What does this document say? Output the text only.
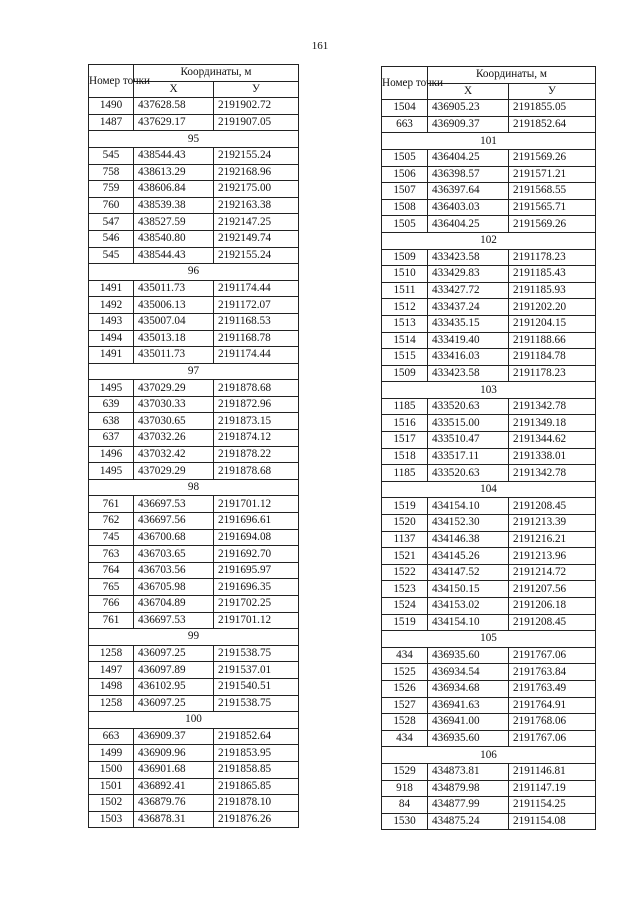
161
Номер точки	Координаты, м	
	X	У
1490	437628.58	2191902.72
1487	437629.17	2191907.05
95		
545	438544.43	2192155.24
758	438613.29	2192168.96
759	438606.84	2192175.00
760	438539.38	2192163.38
547	438527.59	2192147.25
546	438540.80	2192149.74
545	438544.43	2192155.24
96		
1491	435011.73	2191174.44
1492	435006.13	2191172.07
1493	435007.04	2191168.53
1494	435013.18	2191168.78
1491	435011.73	2191174.44
97		
1495	437029.29	2191878.68
639	437030.33	2191872.96
638	437030.65	2191873.15
637	437032.26	2191874.12
1496	437032.42	2191878.22
1495	437029.29	2191878.68
98		
761	436697.53	2191701.12
762	436697.56	2191696.61
745	436700.68	2191694.08
763	436703.65	2191692.70
764	436703.56	2191695.97
765	436705.98	2191696.35
766	436704.89	2191702.25
761	436697.53	2191701.12
99		
1258	436097.25	2191538.75
1497	436097.89	2191537.01
1498	436102.95	2191540.51
1258	436097.25	2191538.75
100		
663	436909.37	2191852.64
1499	436909.96	2191853.95
1500	436901.68	2191858.85
1501	436892.41	2191865.85
1502	436879.76	2191878.10
1503	436878.31	2191876.26
Номер точки	Координаты, м	
	X	У
1504	436905.23	2191855.05
663	436909.37	2191852.64
101		
1505	436404.25	2191569.26
1506	436398.57	2191571.21
1507	436397.64	2191568.55
1508	436403.03	2191565.71
1505	436404.25	2191569.26
102		
1509	433423.58	2191178.23
1510	433429.83	2191185.43
1511	433427.72	2191185.93
1512	433437.24	2191202.20
1513	433435.15	2191204.15
1514	433419.40	2191188.66
1515	433416.03	2191184.78
1509	433423.58	2191178.23
103		
1185	433520.63	2191342.78
1516	433515.00	2191349.18
1517	433510.47	2191344.62
1518	433517.11	2191338.01
1185	433520.63	2191342.78
104		
1519	434154.10	2191208.45
1520	434152.30	2191213.39
1137	434146.38	2191216.21
1521	434145.26	2191213.96
1522	434147.52	2191214.72
1523	434150.15	2191207.56
1524	434153.02	2191206.18
1519	434154.10	2191208.45
105		
434	436935.60	2191767.06
1525	436934.54	2191763.84
1526	436934.68	2191763.49
1527	436941.63	2191764.91
1528	436941.00	2191768.06
434	436935.60	2191767.06
106		
1529	434873.81	2191146.81
918	434879.98	2191147.19
84	434877.99	2191154.25
1530	434875.24	2191154.08
